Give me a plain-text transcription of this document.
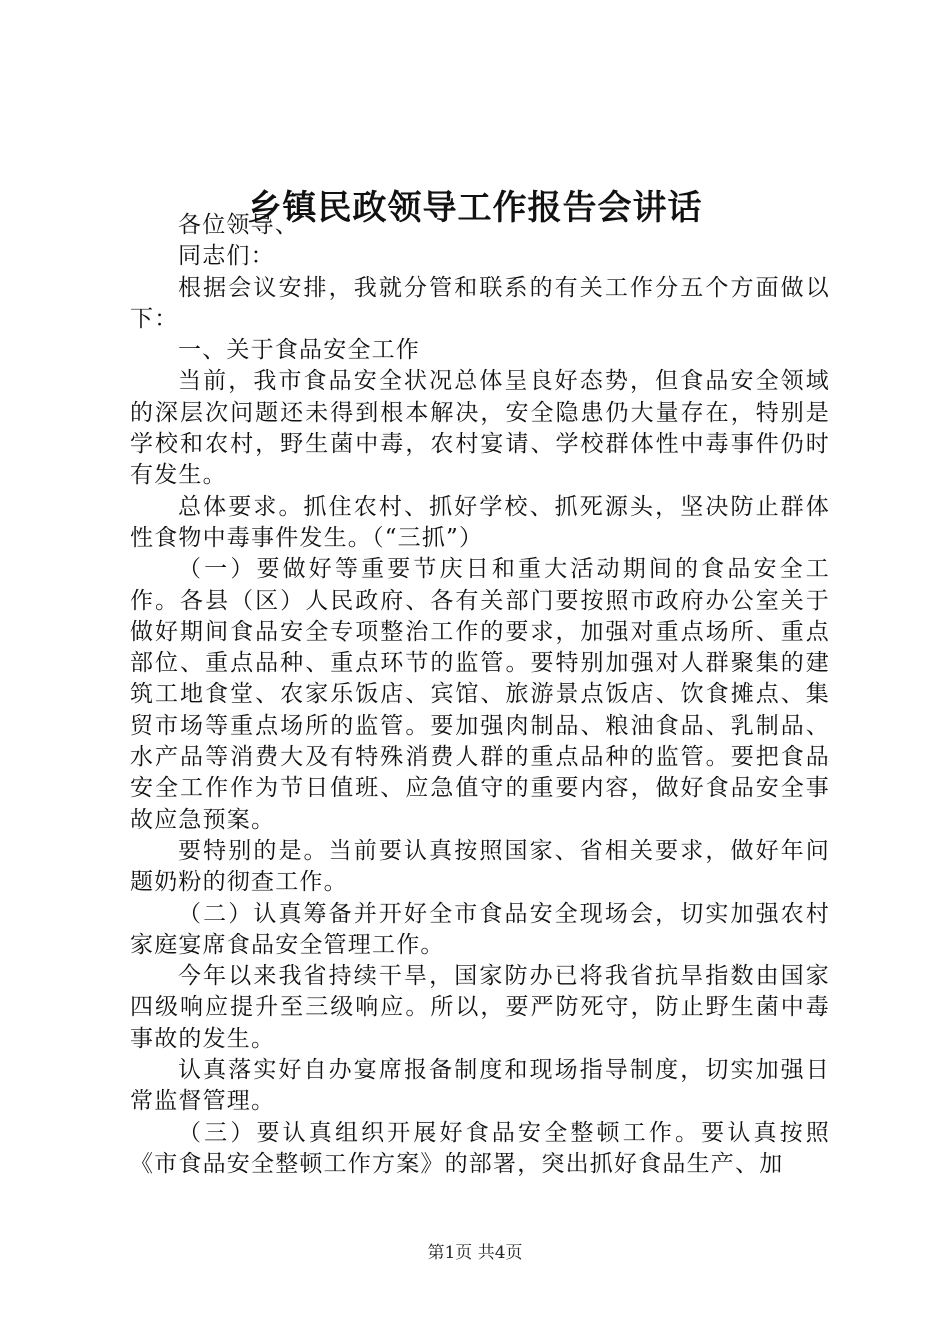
乡镇民政领导工作报告会讲话

各位领导、

同志们：

根据会议安排，我就分管和联系的有关工作分五个方面做以下：

一、关于食品安全工作

当前，我市食品安全状况总体呈良好态势，但食品安全领域的深层次问题还未得到根本解决，安全隐患仍大量存在，特别是学校和农村，野生菌中毒，农村宴请、学校群体性中毒事件仍时有发生。

总体要求。抓住农村、抓好学校、抓死源头，坚决防止群体性食物中毒事件发生。（“三抓”）

（一）要做好等重要节庆日和重大活动期间的食品安全工作。各县（区）人民政府、各有关部门要按照市政府办公室关于做好期间食品安全专项整治工作的要求，加强对重点场所、重点部位、重点品种、重点环节的监管。要特别加强对人群聚集的建筑工地食堂、农家乐饭店、宾馆、旅游景点饭店、饮食摊点、集贸市场等重点场所的监管。要加强肉制品、粮油食品、乳制品、水产品等消费大及有特殊消费人群的重点品种的监管。要把食品安全工作作为节日值班、应急值守的重要内容，做好食品安全事故应急预案。

要特别的是。当前要认真按照国家、省相关要求，做好年问题奶粉的彻查工作。

（二）认真筹备并开好全市食品安全现场会，切实加强农村家庭宴席食品安全管理工作。

今年以来我省持续干旱，国家防办已将我省抗旱指数由国家四级响应提升至三级响应。所以，要严防死守，防止野生菌中毒事故的发生。

认真落实好自办宴席报备制度和现场指导制度，切实加强日常监督管理。

（三）要认真组织开展好食品安全整顿工作。要认真按照《市食品安全整顿工作方案》的部署，突出抓好食品生产、加

第1页 共4页
